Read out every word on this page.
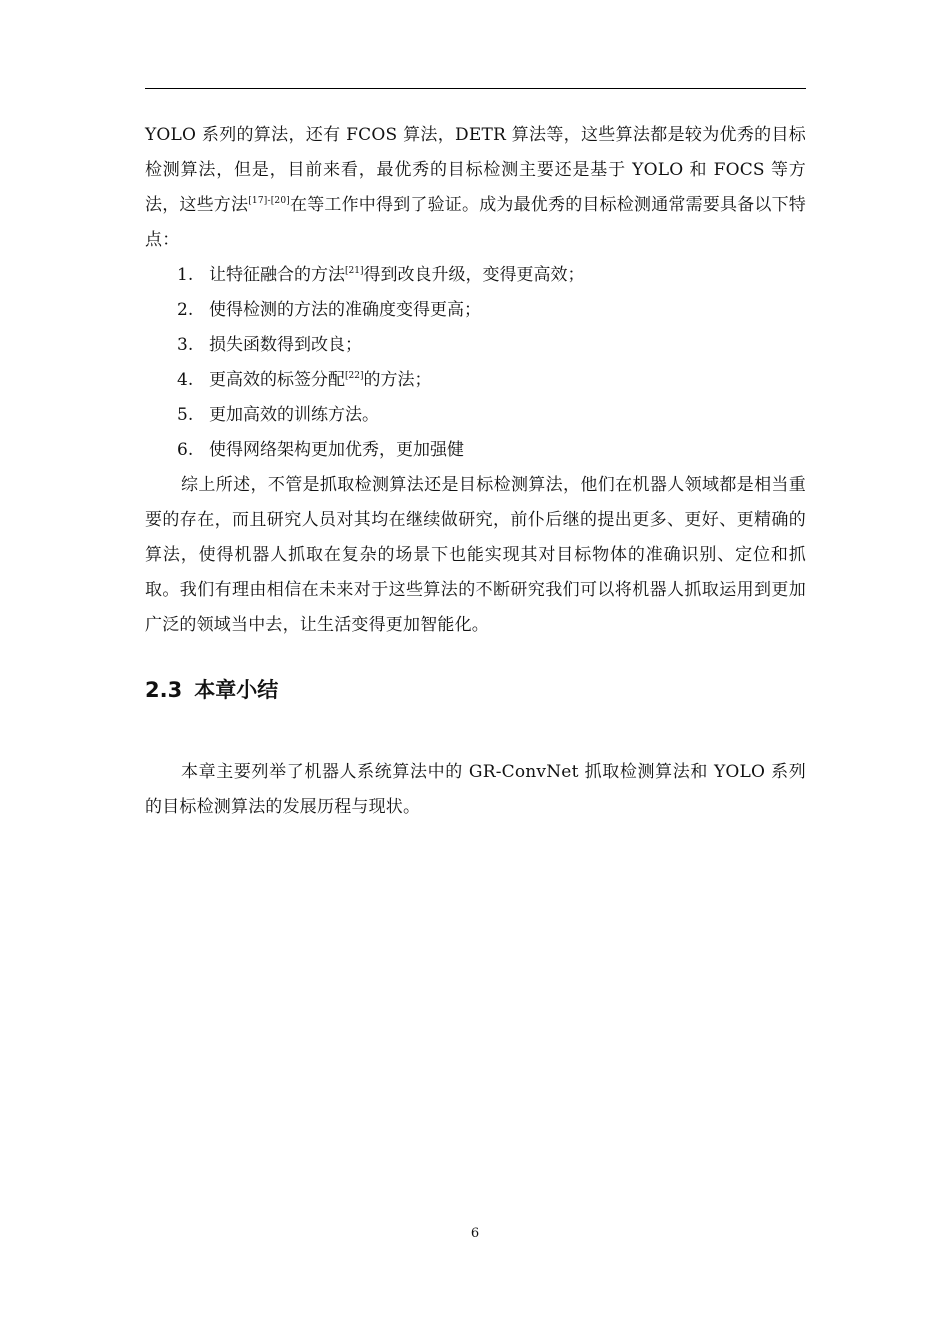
YOLO 系列的算法，还有 FCOS 算法，DETR 算法等，这些算法都是较为优秀的目标检测算法，但是，目前来看，最优秀的目标检测主要还是基于 YOLO 和 FOCS 等方法，这些方法[17]-[20]在等工作中得到了验证。成为最优秀的目标检测通常需要具备以下特点：

1. 让特征融合的方法[21]得到改良升级，变得更高效；
2. 使得检测的方法的准确度变得更高；
3. 损失函数得到改良；
4. 更高效的标签分配[22]的方法；
5. 更加高效的训练方法。
6. 使得网络架构更加优秀，更加强健

综上所述，不管是抓取检测算法还是目标检测算法，他们在机器人领域都是相当重要的存在，而且研究人员对其均在继续做研究，前仆后继的提出更多、更好、更精确的算法，使得机器人抓取在复杂的场景下也能实现其对目标物体的准确识别、定位和抓取。我们有理由相信在未来对于这些算法的不断研究我们可以将机器人抓取运用到更加广泛的领域当中去，让生活变得更加智能化。

2.3 本章小结

本章主要列举了机器人系统算法中的 GR-ConvNet 抓取检测算法和 YOLO 系列的目标检测算法的发展历程与现状。

6
